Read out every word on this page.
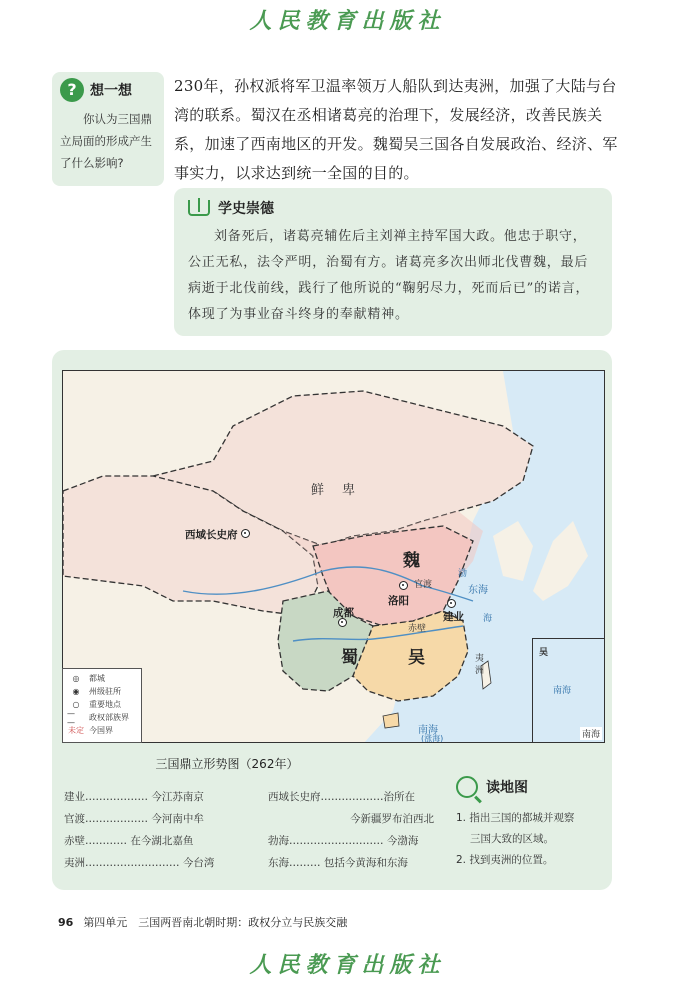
人民教育出版社
? 想一想
你认为三国鼎立局面的形成产生了什么影响?
230年，孙权派将军卫温率领万人船队到达夷洲，加强了大陆与台湾的联系。蜀汉在丞相诸葛亮的治理下，发展经济，改善民族关系，加速了西南地区的开发。魏蜀吴三国各自发展政治、经济、军事实力，以求达到统一全国的目的。
学史崇德
刘备死后，诸葛亮辅佐后主刘禅主持军国大政。他忠于职守，公正无私，法令严明，治蜀有方。诸葛亮多次出师北伐曹魏，最后病逝于北伐前线，践行了他所说的“鞠躬尽力，死而后已”的诺言，体现了为事业奋斗终身的奉献精神。
吴
南海
南海
鲜卑
魏
蜀	吴
西域长史府
洛阳
官渡
成都	建业
赤壁
夷洲
渤
东海
海
南海
(涨海)
◎	都城
◉	州级驻所
○	重要地点
— —	政权部族界
未定 今国界
三国鼎立形势图（262年）
建业……………… 今江苏南京
官渡……………… 今河南中牟
赤壁………… 在今湖北嘉鱼
夷洲……………………… 今台湾
西域长史府………………治所在
今新疆罗布泊西北
勃海……………………… 今渤海
东海……… 包括今黄海和东海
读地图
1. 指出三国的都城并观察
三国大致的区域。
2. 找到夷洲的位置。
96 第四单元　三国两晋南北朝时期：政权分立与民族交融
人民教育出版社
